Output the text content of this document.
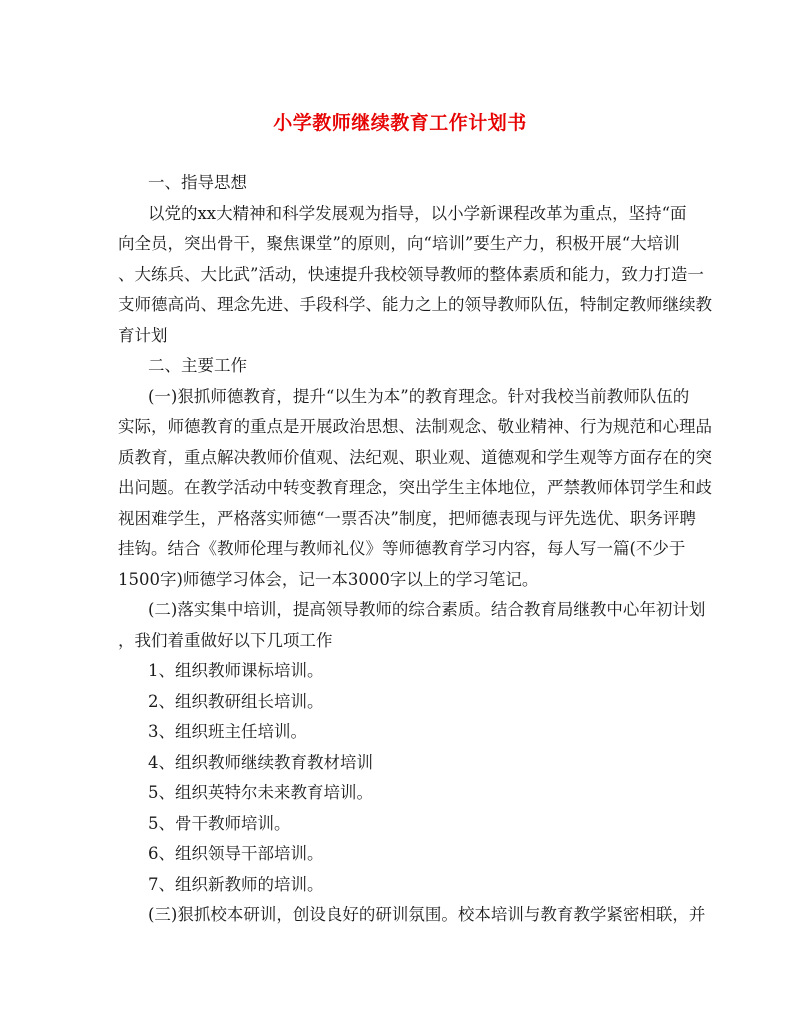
小学教师继续教育工作计划书
一、指导思想
以党的xx大精神和科学发展观为指导，以小学新课程改革为重点，坚持“面
向全员，突出骨干，聚焦课堂”的原则，向“培训”要生产力，积极开展“大培训
、大练兵、大比武”活动，快速提升我校领导教师的整体素质和能力，致力打造一
支师德高尚、理念先进、手段科学、能力之上的领导教师队伍，特制定教师继续教
育计划
二、主要工作
(一)狠抓师德教育，提升“以生为本”的教育理念。针对我校当前教师队伍的
实际，师德教育的重点是开展政治思想、法制观念、敬业精神、行为规范和心理品
质教育，重点解决教师价值观、法纪观、职业观、道德观和学生观等方面存在的突
出问题。在教学活动中转变教育理念，突出学生主体地位，严禁教师体罚学生和歧
视困难学生，严格落实师德“一票否决”制度，把师德表现与评先选优、职务评聘
挂钩。结合《教师伦理与教师礼仪》等师德教育学习内容，每人写一篇(不少于
1500字)师德学习体会，记一本3000字以上的学习笔记。
(二)落实集中培训，提高领导教师的综合素质。结合教育局继教中心年初计划
，我们着重做好以下几项工作
1、组织教师课标培训。
2、组织教研组长培训。
3、组织班主任培训。
4、组织教师继续教育教材培训
5、组织英特尔未来教育培训。
5、骨干教师培训。
6、组织领导干部培训。
7、组织新教师的培训。
(三)狠抓校本研训，创设良好的研训氛围。校本培训与教育教学紧密相联，并
